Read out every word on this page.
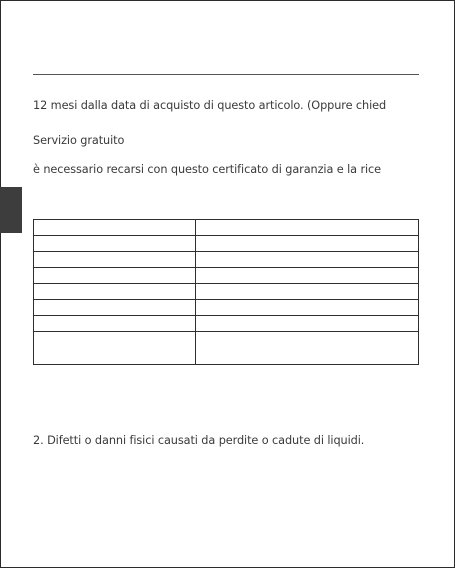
12 mesi dalla data di acquisto di questo articolo. (Oppure chied
Servizio gratuito
è necessario recarsi con questo certificato di garanzia e la rice

2. Difetti o danni fisici causati da perdite o cadute di liquidi.
